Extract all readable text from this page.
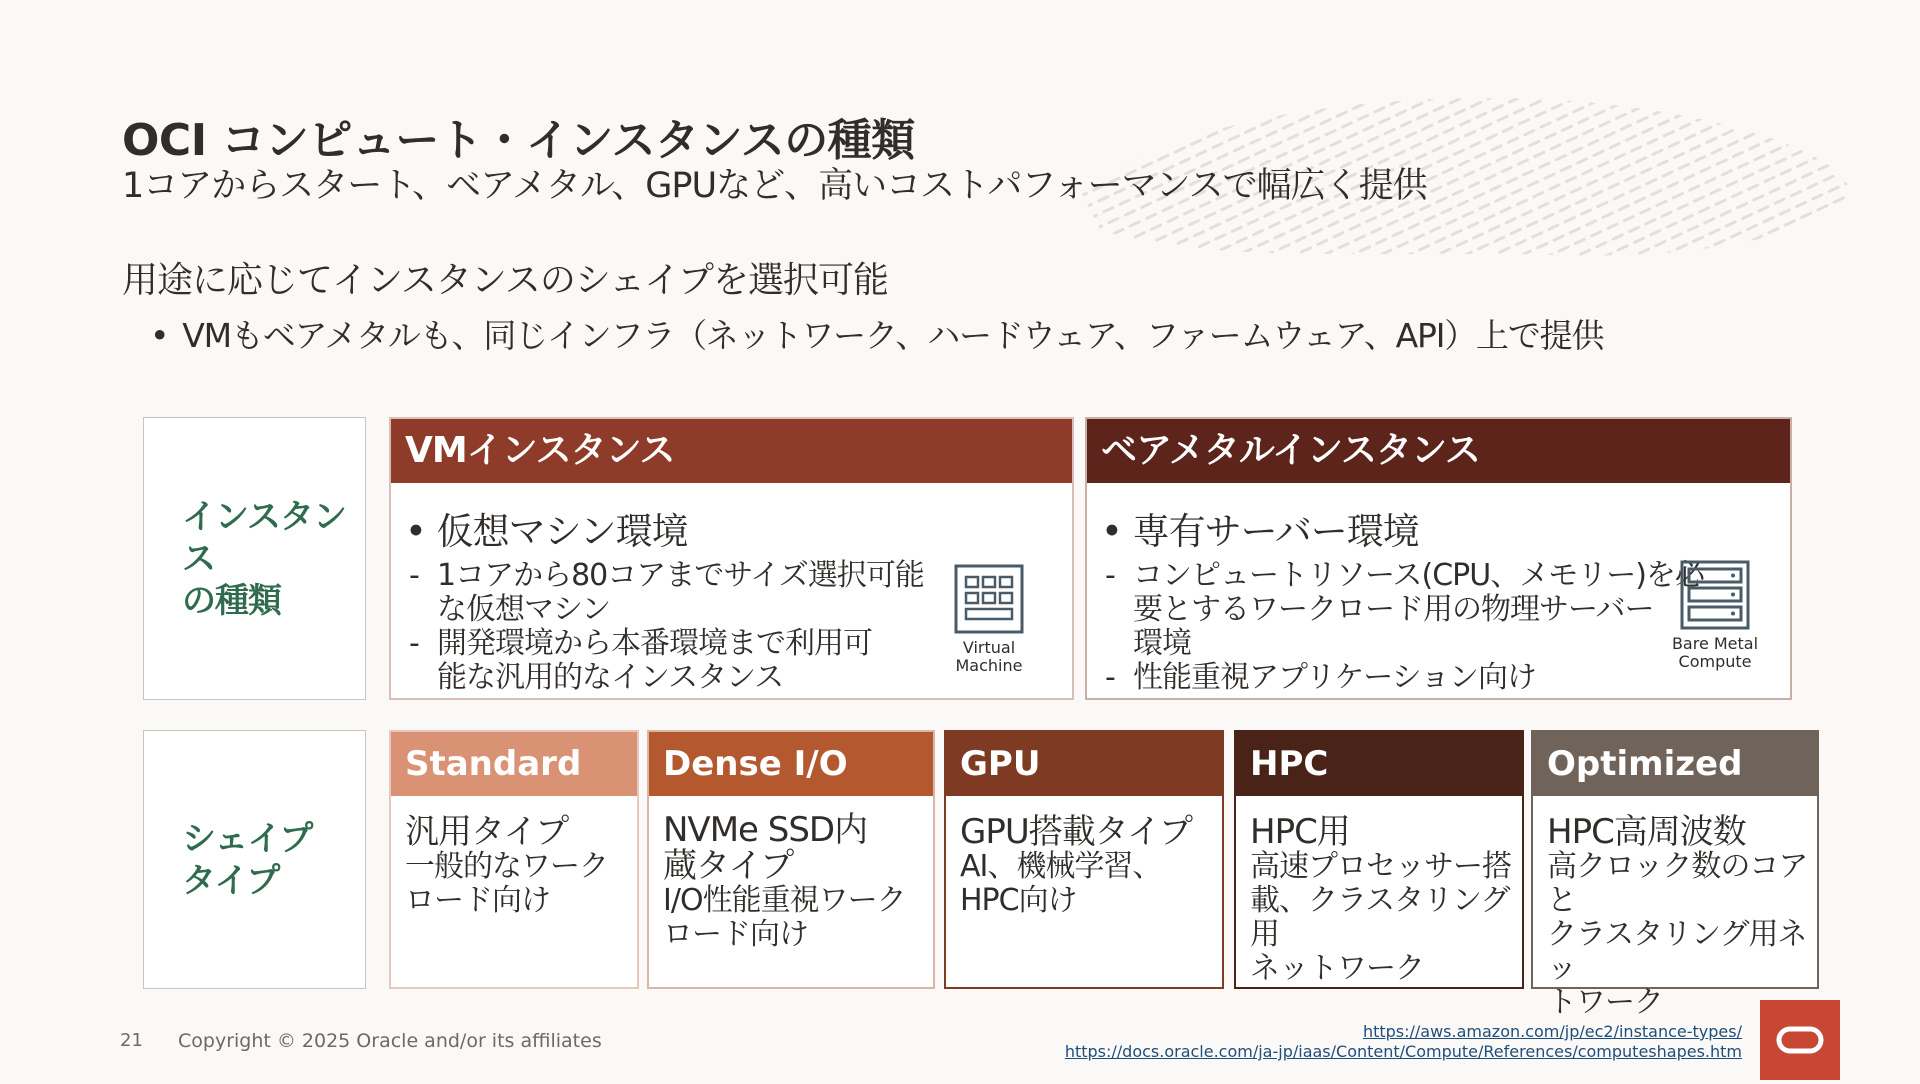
OCI コンピュート・インスタンスの種類
1コアからスタート、ベアメタル、GPUなど、高いコストパフォーマンスで幅広く提供
用途に応じてインスタンスのシェイプを選択可能
• VMもベアメタルも、同じインフラ（ネットワーク、ハードウェア、ファームウェア、API）上で提供
インスタンス
の種類
VMインスタンス
• 仮想マシン環境
- 1コアから80コアまでサイズ選択可能
な仮想マシン
- 開発環境から本番環境まで利用可
能な汎用的なインスタンス
Virtual
Machine
ベアメタルインスタンス
• 専有サーバー環境
- コンピュートリソース(CPU、メモリー)を必
要とするワークロード用の物理サーバー
環境
- 性能重視アプリケーション向け
Bare Metal
Compute
シェイプ
タイプ
Standard
汎用タイプ
一般的なワーク
ロード向け
Dense I/O
NVMe SSD内
蔵タイプ
I/O性能重視ワーク
ロード向け
GPU
GPU搭載タイプ
AI、機械学習、
HPC向け
HPC
HPC用
高速プロセッサー搭
載、クラスタリング用
ネットワーク
Optimized
HPC高周波数
高クロック数のコアと
クラスタリング用ネッ
トワーク
21 Copyright © 2025 Oracle and/or its affiliates	https://aws.amazon.com/jp/ec2/instance-types/
https://docs.oracle.com/ja-jp/iaas/Content/Compute/References/computeshapes.htm
